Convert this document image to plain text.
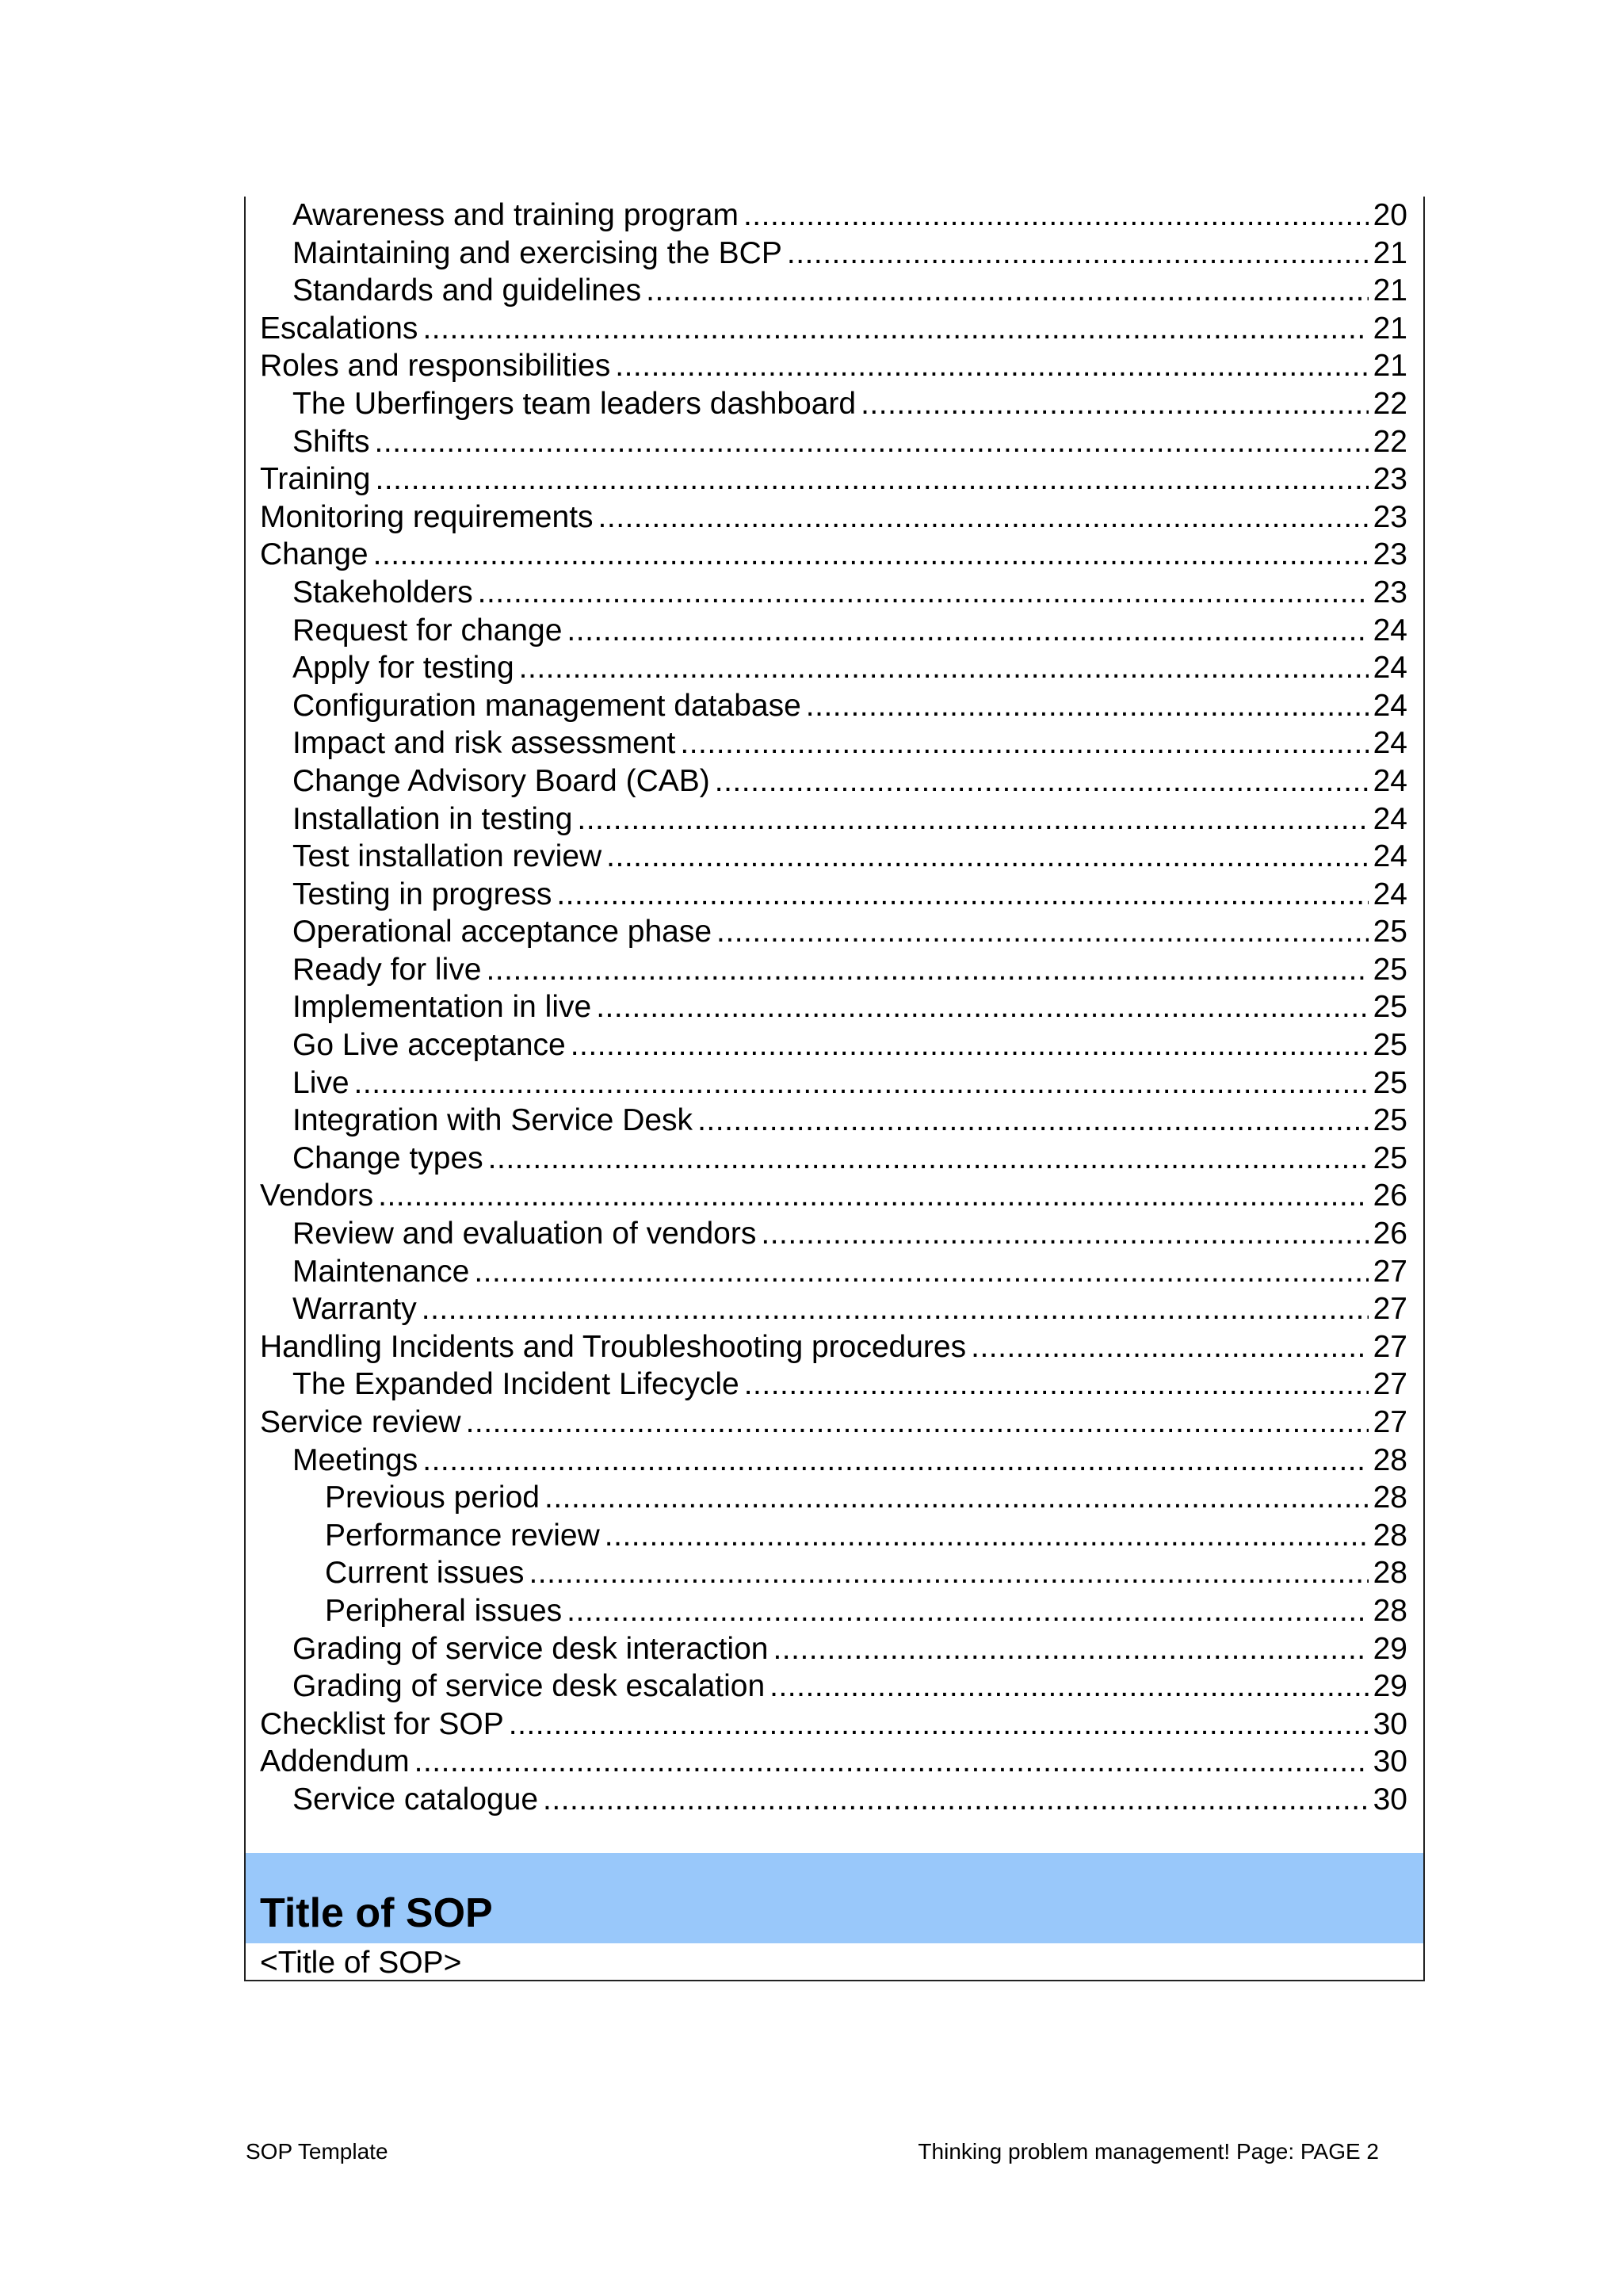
Awareness and training program .....	20
Maintaining and exercising the BCP .....	21
Standards and guidelines .....	21
Escalations .....	21
Roles and responsibilities .....	21
The Uberfingers team leaders dashboard .....	22
Shifts .....	22
Training .....	23
Monitoring requirements .....	23
Change .....	23
Stakeholders .....	23
Request for change .....	24
Apply for testing .....	24
Configuration management database .....	24
Impact and risk assessment .....	24
Change Advisory Board (CAB) .....	24
Installation in testing .....	24
Test installation review .....	24
Testing in progress .....	24
Operational acceptance phase .....	25
Ready for live .....	25
Implementation in live .....	25
Go Live acceptance .....	25
Live .....	25
Integration with Service Desk .....	25
Change types .....	25
Vendors .....	26
Review and evaluation of vendors .....	26
Maintenance .....	27
Warranty .....	27
Handling Incidents and Troubleshooting procedures .....	27
The Expanded Incident Lifecycle .....	27
Service review .....	27
Meetings .....	28
Previous period .....	28
Performance review .....	28
Current issues .....	28
Peripheral issues .....	28
Grading of service desk interaction .....	29
Grading of service desk escalation .....	29
Checklist for SOP .....	30
Addendum .....	30
Service catalogue .....	30
Title of SOP
<Title of SOP>
SOP Template	Thinking problem management! Page: PAGE 2
